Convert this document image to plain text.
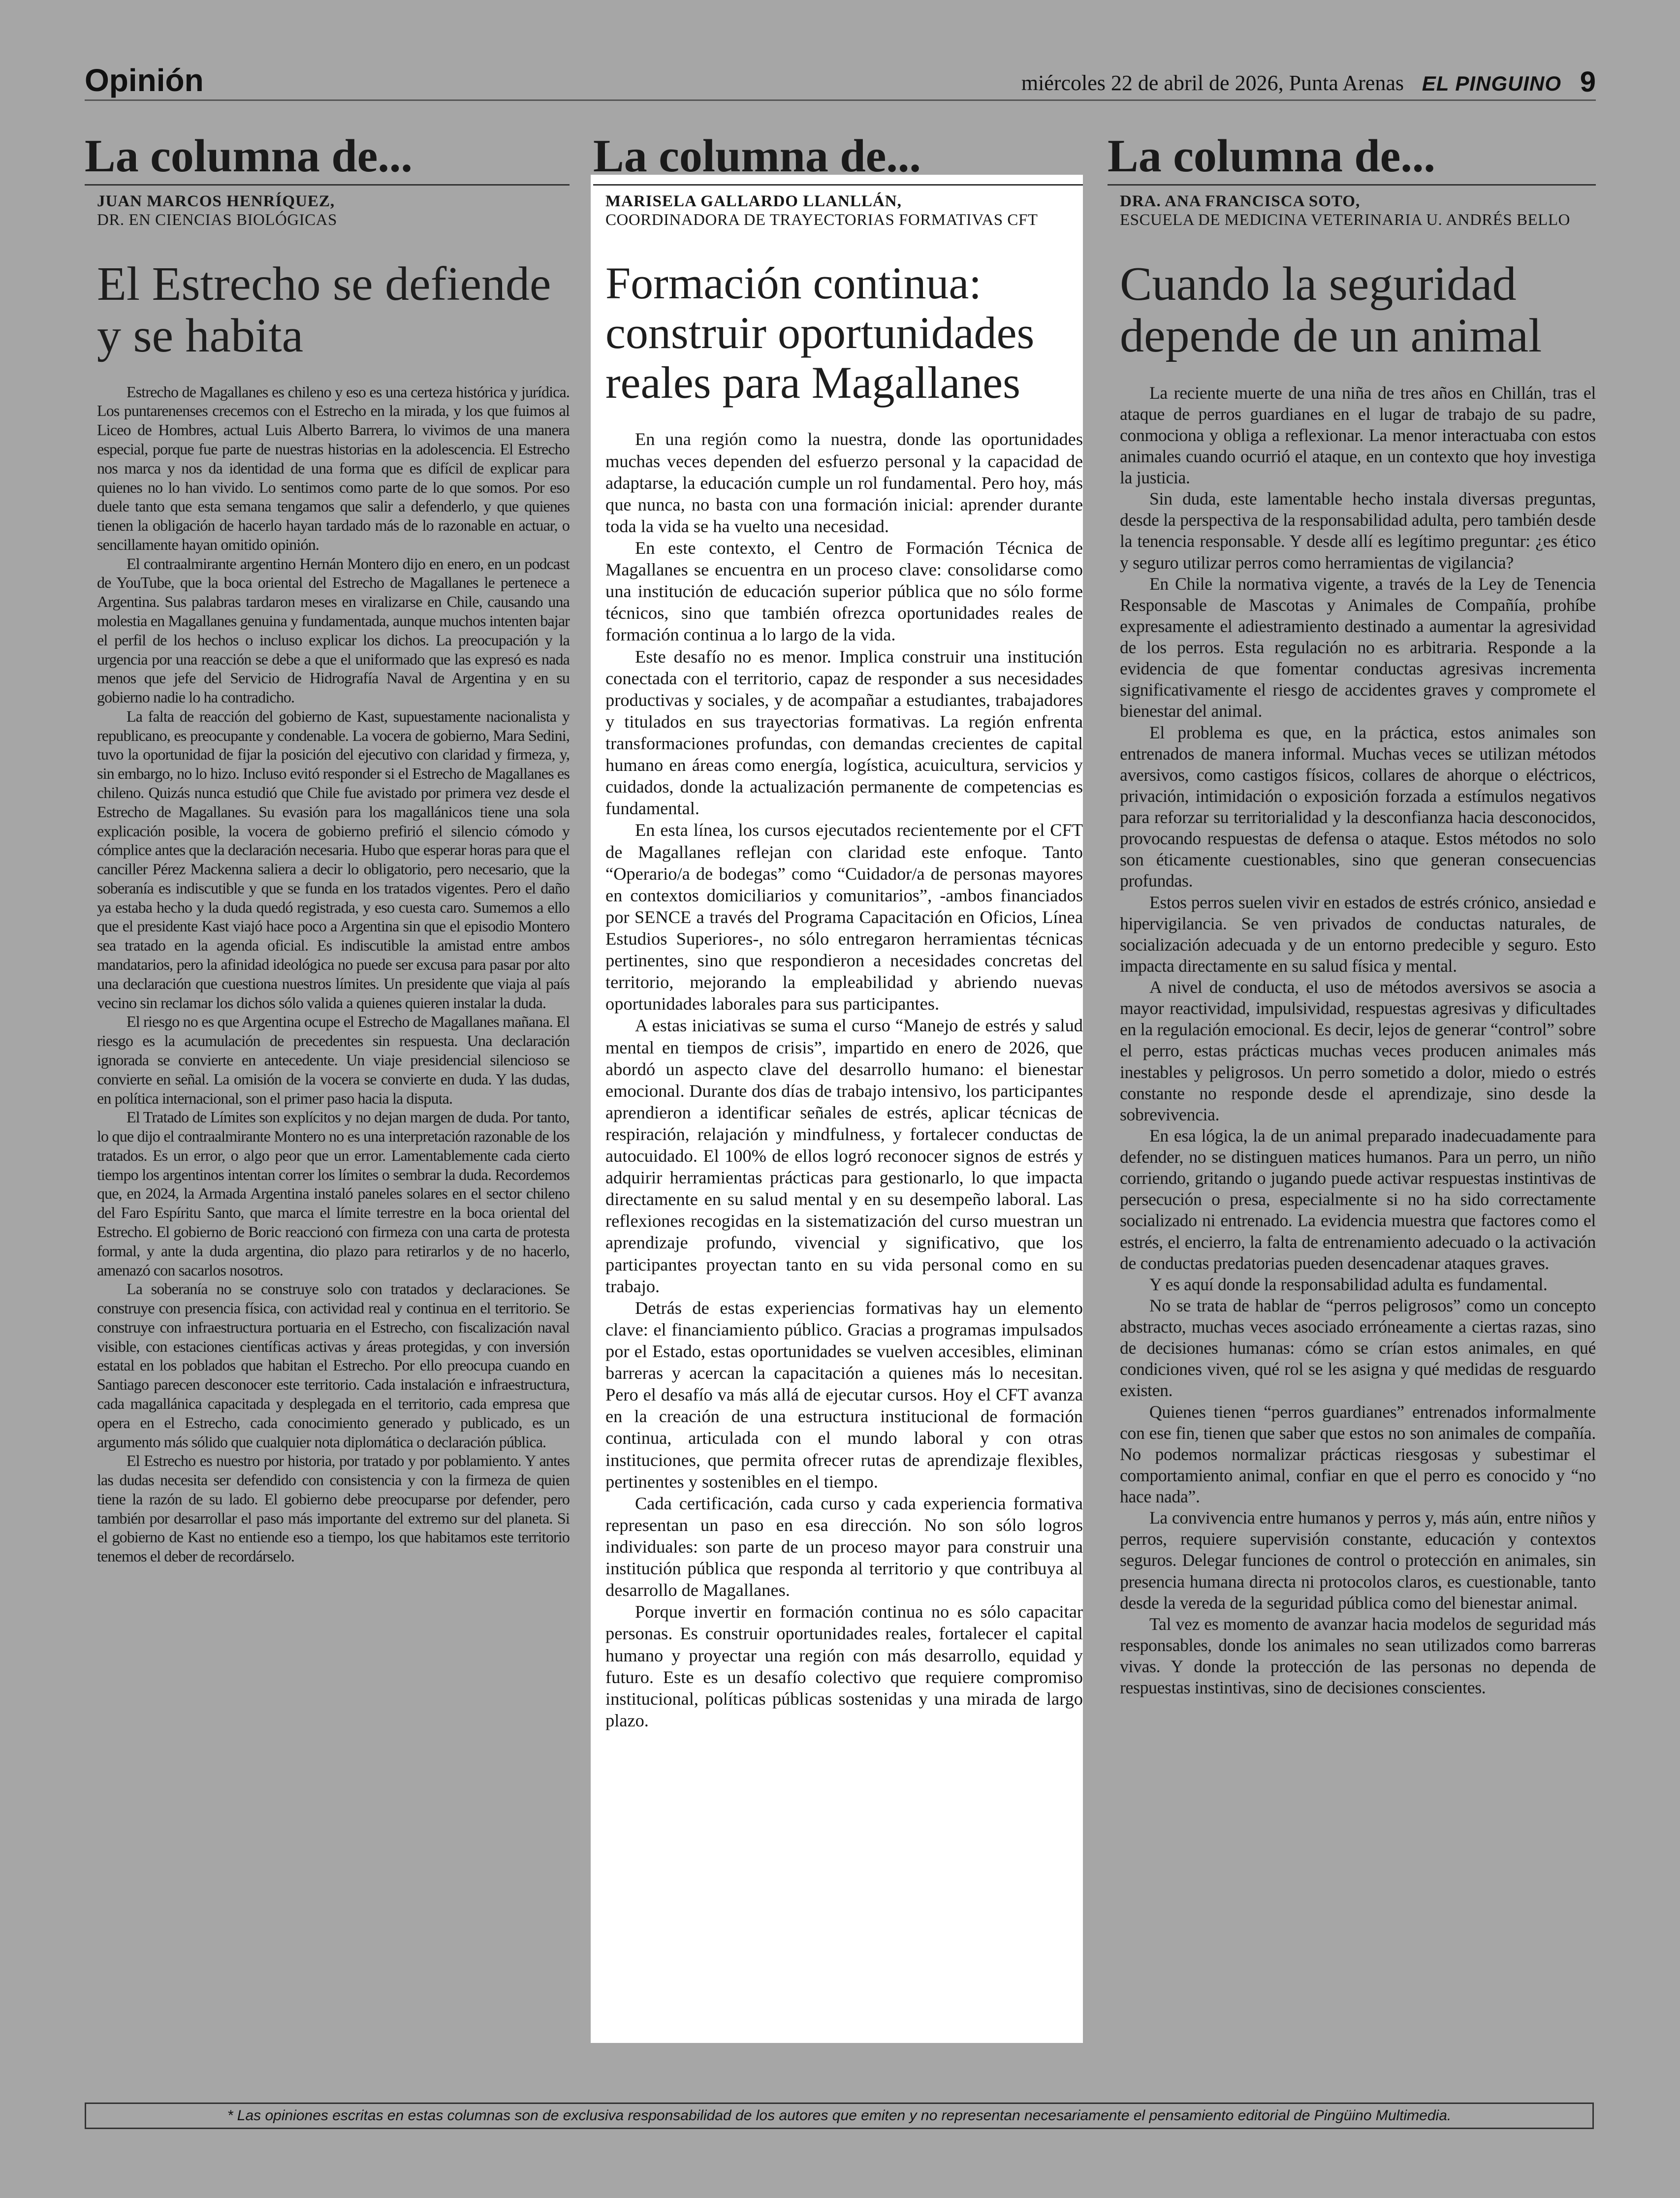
Opinión	miércoles 22 de abril de 2026, Punta Arenas EL PINGUINO 9
La columna de...
JUAN MARCOS HENRÍQUEZ,
DR. EN CIENCIAS BIOLÓGICAS
El Estrecho se defiende y se habita

Estrecho de Magallanes es chileno y eso es una certeza histórica y jurídica. Los puntarenenses crecemos con el Estrecho en la mirada, y los que fuimos al Liceo de Hombres, actual Luis Alberto Barrera, lo vivimos de una manera especial, porque fue parte de nuestras historias en la adolescencia. El Estrecho nos marca y nos da identidad de una forma que es difícil de explicar para quienes no lo han vivido. Lo sentimos como parte de lo que somos. Por eso duele tanto que esta semana tengamos que salir a defenderlo, y que quienes tienen la obligación de hacerlo hayan tardado más de lo razonable en actuar, o sencillamente hayan omitido opinión.

El contraalmirante argentino Hernán Montero dijo en enero, en un podcast de YouTube, que la boca oriental del Estrecho de Magallanes le pertenece a Argentina. Sus palabras tardaron meses en viralizarse en Chile, causando una molestia en Magallanes genuina y fundamentada, aunque muchos intenten bajar el perfil de los hechos o incluso explicar los dichos. La preocupación y la urgencia por una reacción se debe a que el uniformado que las expresó es nada menos que jefe del Servicio de Hidrografía Naval de Argentina y en su gobierno nadie lo ha contradicho.

La falta de reacción del gobierno de Kast, supuestamente nacionalista y republicano, es preocupante y condenable. La vocera de gobierno, Mara Sedini, tuvo la oportunidad de fijar la posición del ejecutivo con claridad y firmeza, y, sin embargo, no lo hizo. Incluso evitó responder si el Estrecho de Magallanes es chileno. Quizás nunca estudió que Chile fue avistado por primera vez desde el Estrecho de Magallanes. Su evasión para los magallánicos tiene una sola explicación posible, la vocera de gobierno prefirió el silencio cómodo y cómplice antes que la declaración necesaria. Hubo que esperar horas para que el canciller Pérez Mackenna saliera a decir lo obligatorio, pero necesario, que la soberanía es indiscutible y que se funda en los tratados vigentes. Pero el daño ya estaba hecho y la duda quedó registrada, y eso cuesta caro. Sumemos a ello que el presidente Kast viajó hace poco a Argentina sin que el episodio Montero sea tratado en la agenda oficial. Es indiscutible la amistad entre ambos mandatarios, pero la afinidad ideológica no puede ser excusa para pasar por alto una declaración que cuestiona nuestros límites. Un presidente que viaja al país vecino sin reclamar los dichos sólo valida a quienes quieren instalar la duda.

El riesgo no es que Argentina ocupe el Estrecho de Magallanes mañana. El riesgo es la acumulación de precedentes sin respuesta. Una declaración ignorada se convierte en antecedente. Un viaje presidencial silencioso se convierte en señal. La omisión de la vocera se convierte en duda. Y las dudas, en política internacional, son el primer paso hacia la disputa.

El Tratado de Límites son explícitos y no dejan margen de duda. Por tanto, lo que dijo el contraalmirante Montero no es una interpretación razonable de los tratados. Es un error, o algo peor que un error. Lamentablemente cada cierto tiempo los argentinos intentan correr los límites o sembrar la duda. Recordemos que, en 2024, la Armada Argentina instaló paneles solares en el sector chileno del Faro Espíritu Santo, que marca el límite terrestre en la boca oriental del Estrecho. El gobierno de Boric reaccionó con firmeza con una carta de protesta formal, y ante la duda argentina, dio plazo para retirarlos y de no hacerlo, amenazó con sacarlos nosotros.

La soberanía no se construye solo con tratados y declaraciones. Se construye con presencia física, con actividad real y continua en el territorio. Se construye con infraestructura portuaria en el Estrecho, con fiscalización naval visible, con estaciones científicas activas y áreas protegidas, y con inversión estatal en los poblados que habitan el Estrecho. Por ello preocupa cuando en Santiago parecen desconocer este territorio. Cada instalación e infraestructura, cada magallánica capacitada y desplegada en el territorio, cada empresa que opera en el Estrecho, cada conocimiento generado y publicado, es un argumento más sólido que cualquier nota diplomática o declaración pública.

El Estrecho es nuestro por historia, por tratado y por poblamiento. Y antes las dudas necesita ser defendido con consistencia y con la firmeza de quien tiene la razón de su lado. El gobierno debe preocuparse por defender, pero también por desarrollar el paso más importante del extremo sur del planeta. Si el gobierno de Kast no entiende eso a tiempo, los que habitamos este territorio tenemos el deber de recordárselo.

La columna de...
MARISELA GALLARDO LLANLLÁN,
COORDINADORA DE TRAYECTORIAS FORMATIVAS CFT
Formación continua: construir oportunidades reales para Magallanes

En una región como la nuestra, donde las oportunidades muchas veces dependen del esfuerzo personal y la capacidad de adaptarse, la educación cumple un rol fundamental. Pero hoy, más que nunca, no basta con una formación inicial: aprender durante toda la vida se ha vuelto una necesidad.

En este contexto, el Centro de Formación Técnica de Magallanes se encuentra en un proceso clave: consolidarse como una institución de educación superior pública que no sólo forme técnicos, sino que también ofrezca oportunidades reales de formación continua a lo largo de la vida.

Este desafío no es menor. Implica construir una institución conectada con el territorio, capaz de responder a sus necesidades productivas y sociales, y de acompañar a estudiantes, trabajadores y titulados en sus trayectorias formativas. La región enfrenta transformaciones profundas, con demandas crecientes de capital humano en áreas como energía, logística, acuicultura, servicios y cuidados, donde la actualización permanente de competencias es fundamental.

En esta línea, los cursos ejecutados recientemente por el CFT de Magallanes reflejan con claridad este enfoque. Tanto “Operario/a de bodegas” como “Cuidador/a de personas mayores en contextos domiciliarios y comunitarios”, -ambos financiados por SENCE a través del Programa Capacitación en Oficios, Línea Estudios Superiores-, no sólo entregaron herramientas técnicas pertinentes, sino que respondieron a necesidades concretas del territorio, mejorando la empleabilidad y abriendo nuevas oportunidades laborales para sus participantes.

A estas iniciativas se suma el curso “Manejo de estrés y salud mental en tiempos de crisis”, impartido en enero de 2026, que abordó un aspecto clave del desarrollo humano: el bienestar emocional. Durante dos días de trabajo intensivo, los participantes aprendieron a identificar señales de estrés, aplicar técnicas de respiración, relajación y mindfulness, y fortalecer conductas de autocuidado. El 100% de ellos logró reconocer signos de estrés y adquirir herramientas prácticas para gestionarlo, lo que impacta directamente en su salud mental y en su desempeño laboral. Las reflexiones recogidas en la sistematización del curso muestran un aprendizaje profundo, vivencial y significativo, que los participantes proyectan tanto en su vida personal como en su trabajo.

Detrás de estas experiencias formativas hay un elemento clave: el financiamiento público. Gracias a programas impulsados por el Estado, estas oportunidades se vuelven accesibles, eliminan barreras y acercan la capacitación a quienes más lo necesitan. Pero el desafío va más allá de ejecutar cursos. Hoy el CFT avanza en la creación de una estructura institucional de formación continua, articulada con el mundo laboral y con otras instituciones, que permita ofrecer rutas de aprendizaje flexibles, pertinentes y sostenibles en el tiempo.

Cada certificación, cada curso y cada experiencia formativa representan un paso en esa dirección. No son sólo logros individuales: son parte de un proceso mayor para construir una institución pública que responda al territorio y que contribuya al desarrollo de Magallanes.

Porque invertir en formación continua no es sólo capacitar personas. Es construir oportunidades reales, fortalecer el capital humano y proyectar una región con más desarrollo, equidad y futuro. Este es un desafío colectivo que requiere compromiso institucional, políticas públicas sostenidas y una mirada de largo plazo.

La columna de...
DRA. ANA FRANCISCA SOTO,
ESCUELA DE MEDICINA VETERINARIA U. ANDRÉS BELLO
Cuando la seguridad depende de un animal

La reciente muerte de una niña de tres años en Chillán, tras el ataque de perros guardianes en el lugar de trabajo de su padre, conmociona y obliga a reflexionar. La menor interactuaba con estos animales cuando ocurrió el ataque, en un contexto que hoy investiga la justicia.

Sin duda, este lamentable hecho instala diversas preguntas, desde la perspectiva de la responsabilidad adulta, pero también desde la tenencia responsable. Y desde allí es legítimo preguntar: ¿es ético y seguro utilizar perros como herramientas de vigilancia?

En Chile la normativa vigente, a través de la Ley de Tenencia Responsable de Mascotas y Animales de Compañía, prohíbe expresamente el adiestramiento destinado a aumentar la agresividad de los perros. Esta regulación no es arbitraria. Responde a la evidencia de que fomentar conductas agresivas incrementa significativamente el riesgo de accidentes graves y compromete el bienestar del animal.

El problema es que, en la práctica, estos animales son entrenados de manera informal. Muchas veces se utilizan métodos aversivos, como castigos físicos, collares de ahorque o eléctricos, privación, intimidación o exposición forzada a estímulos negativos para reforzar su territorialidad y la desconfianza hacia desconocidos, provocando respuestas de defensa o ataque. Estos métodos no solo son éticamente cuestionables, sino que generan consecuencias profundas.

Estos perros suelen vivir en estados de estrés crónico, ansiedad e hipervigilancia. Se ven privados de conductas naturales, de socialización adecuada y de un entorno predecible y seguro. Esto impacta directamente en su salud física y mental.

A nivel de conducta, el uso de métodos aversivos se asocia a mayor reactividad, impulsividad, respuestas agresivas y dificultades en la regulación emocional. Es decir, lejos de generar “control” sobre el perro, estas prácticas muchas veces producen animales más inestables y peligrosos. Un perro sometido a dolor, miedo o estrés constante no responde desde el aprendizaje, sino desde la sobrevivencia.

En esa lógica, la de un animal preparado inadecuadamente para defender, no se distinguen matices humanos. Para un perro, un niño corriendo, gritando o jugando puede activar respuestas instintivas de persecución o presa, especialmente si no ha sido correctamente socializado ni entrenado. La evidencia muestra que factores como el estrés, el encierro, la falta de entrenamiento adecuado o la activación de conductas predatorias pueden desencadenar ataques graves.

Y es aquí donde la responsabilidad adulta es fundamental.

No se trata de hablar de “perros peligrosos” como un concepto abstracto, muchas veces asociado erróneamente a ciertas razas, sino de decisiones humanas: cómo se crían estos animales, en qué condiciones viven, qué rol se les asigna y qué medidas de resguardo existen.

Quienes tienen “perros guardianes” entrenados informalmente con ese fin, tienen que saber que estos no son animales de compañía. No podemos normalizar prácticas riesgosas y subestimar el comportamiento animal, confiar en que el perro es conocido y “no hace nada”.

La convivencia entre humanos y perros y, más aún, entre niños y perros, requiere supervisión constante, educación y contextos seguros. Delegar funciones de control o protección en animales, sin presencia humana directa ni protocolos claros, es cuestionable, tanto desde la vereda de la seguridad pública como del bienestar animal.

Tal vez es momento de avanzar hacia modelos de seguridad más responsables, donde los animales no sean utilizados como barreras vivas. Y donde la protección de las personas no dependa de respuestas instintivas, sino de decisiones conscientes.

* Las opiniones escritas en estas columnas son de exclusiva responsabilidad de los autores que emiten y no representan necesariamente el pensamiento editorial de Pingüino Multimedia.
